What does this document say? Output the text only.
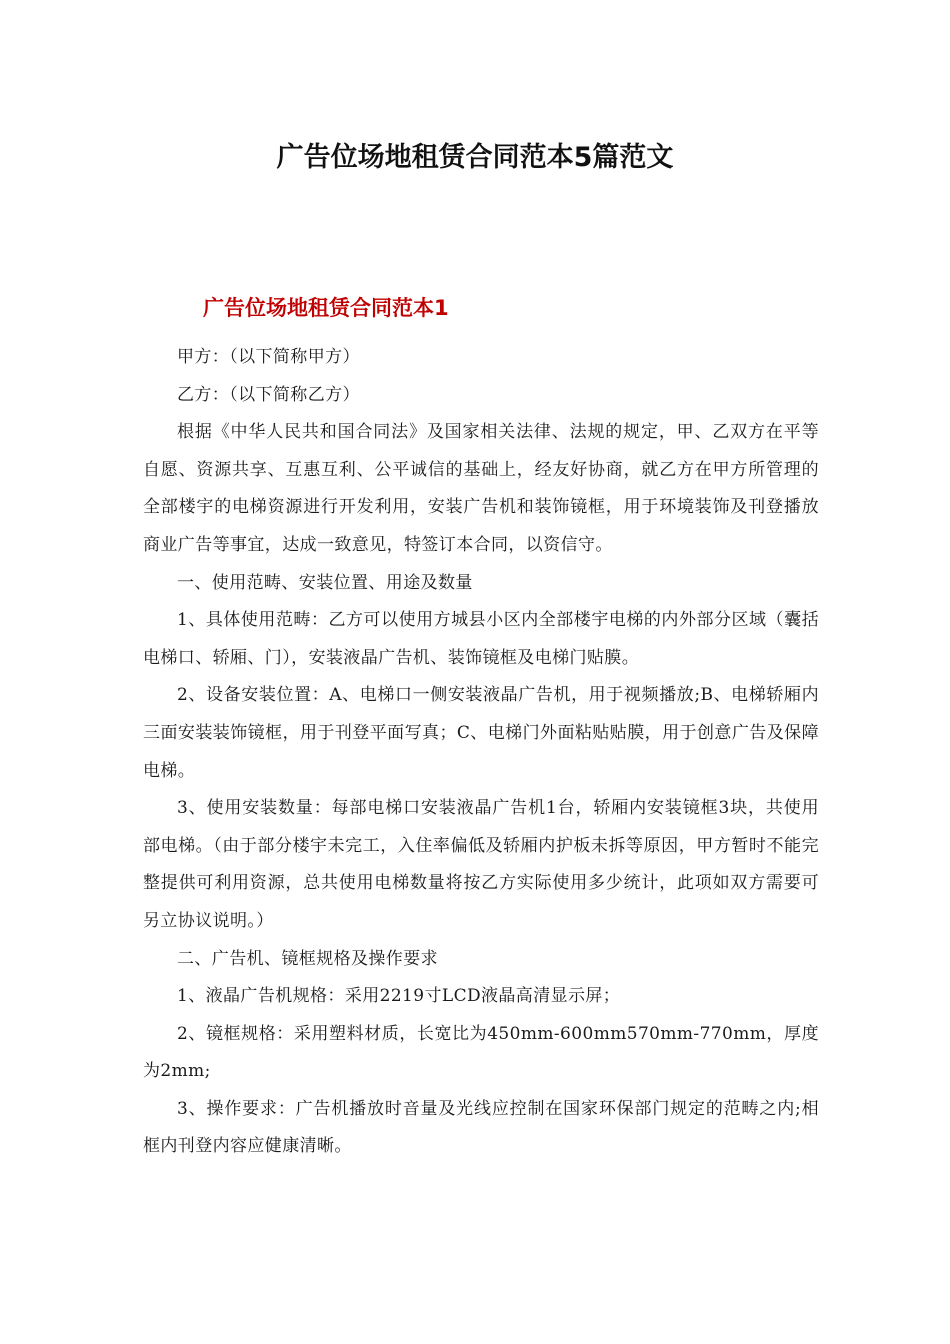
广告位场地租赁合同范本5篇范文
广告位场地租赁合同范本1

甲方：（以下简称甲方）

乙方：（以下简称乙方）

根据《中华人民共和国合同法》及国家相关法律、法规的规定，甲、乙双方在平等自愿、资源共享、互惠互利、公平诚信的基础上，经友好协商，就乙方在甲方所管理的全部楼宇的电梯资源进行开发利用，安装广告机和装饰镜框，用于环境装饰及刊登播放商业广告等事宜，达成一致意见，特签订本合同，以资信守。

一、使用范畴、安装位置、用途及数量

1、具体使用范畴：乙方可以使用方城县小区内全部楼宇电梯的内外部分区域（囊括电梯口、轿厢、门），安装液晶广告机、装饰镜框及电梯门贴膜。

2、设备安装位置：A、电梯口一侧安装液晶广告机，用于视频播放;B、电梯轿厢内三面安装装饰镜框，用于刊登平面写真；C、电梯门外面粘贴贴膜，用于创意广告及保障电梯。

3、使用安装数量：每部电梯口安装液晶广告机1台，轿厢内安装镜框3块，共使用部电梯。（由于部分楼宇未完工，入住率偏低及轿厢内护板未拆等原因，甲方暂时不能完整提供可利用资源，总共使用电梯数量将按乙方实际使用多少统计，此项如双方需要可另立协议说明。）

二、广告机、镜框规格及操作要求

1、液晶广告机规格：采用2219寸LCD液晶高清显示屏；

2、镜框规格：采用塑料材质，长宽比为450mm-600mm570mm-770mm，厚度为2mm;

3、操作要求：广告机播放时音量及光线应控制在国家环保部门规定的范畴之内;相框内刊登内容应健康清晰。
